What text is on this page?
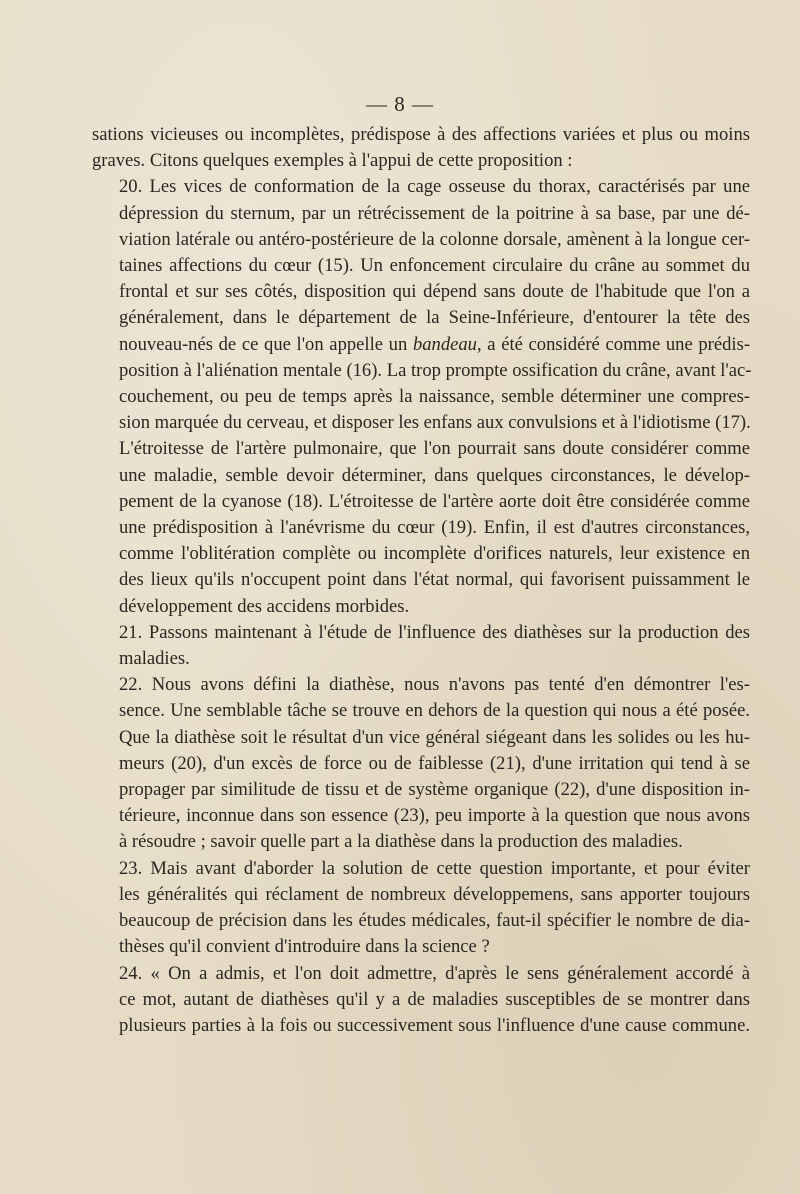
— 8 —
sations vicieuses ou incomplètes, prédispose à des affections variées et plus ou moins
graves. Citons quelques exemples à l'appui de cette proposition :
20. Les vices de conformation de la cage osseuse du thorax, caractérisés par une
dépression du sternum, par un rétrécissement de la poitrine à sa base, par une dé-
viation latérale ou antéro-postérieure de la colonne dorsale, amènent à la longue cer-
taines affections du cœur (15). Un enfoncement circulaire du crâne au sommet du
frontal et sur ses côtés, disposition qui dépend sans doute de l'habitude que l'on a
généralement, dans le département de la Seine-Inférieure, d'entourer la tête des
nouveau-nés de ce que l'on appelle un bandeau, a été considéré comme une prédis-
position à l'aliénation mentale (16). La trop prompte ossification du crâne, avant l'ac-
couchement, ou peu de temps après la naissance, semble déterminer une compres-
sion marquée du cerveau, et disposer les enfans aux convulsions et à l'idiotisme (17).
L'étroitesse de l'artère pulmonaire, que l'on pourrait sans doute considérer comme
une maladie, semble devoir déterminer, dans quelques circonstances, le dévelop-
pement de la cyanose (18). L'étroitesse de l'artère aorte doit être considérée comme
une prédisposition à l'anévrisme du cœur (19). Enfin, il est d'autres circonstances,
comme l'oblitération complète ou incomplète d'orifices naturels, leur existence en
des lieux qu'ils n'occupent point dans l'état normal, qui favorisent puissamment le
développement des accidens morbides.
21. Passons maintenant à l'étude de l'influence des diathèses sur la production des
maladies.
22. Nous avons défini la diathèse, nous n'avons pas tenté d'en démontrer l'es-
sence. Une semblable tâche se trouve en dehors de la question qui nous a été posée.
Que la diathèse soit le résultat d'un vice général siégeant dans les solides ou les hu-
meurs (20), d'un excès de force ou de faiblesse (21), d'une irritation qui tend à se
propager par similitude de tissu et de système organique (22), d'une disposition in-
térieure, inconnue dans son essence (23), peu importe à la question que nous avons
à résoudre ; savoir quelle part a la diathèse dans la production des maladies.
23. Mais avant d'aborder la solution de cette question importante, et pour éviter
les généralités qui réclament de nombreux développemens, sans apporter toujours
beaucoup de précision dans les études médicales, faut-il spécifier le nombre de dia-
thèses qu'il convient d'introduire dans la science ?
24. « On a admis, et l'on doit admettre, d'après le sens généralement accordé à
ce mot, autant de diathèses qu'il y a de maladies susceptibles de se montrer dans
plusieurs parties à la fois ou successivement sous l'influence d'une cause commune.
